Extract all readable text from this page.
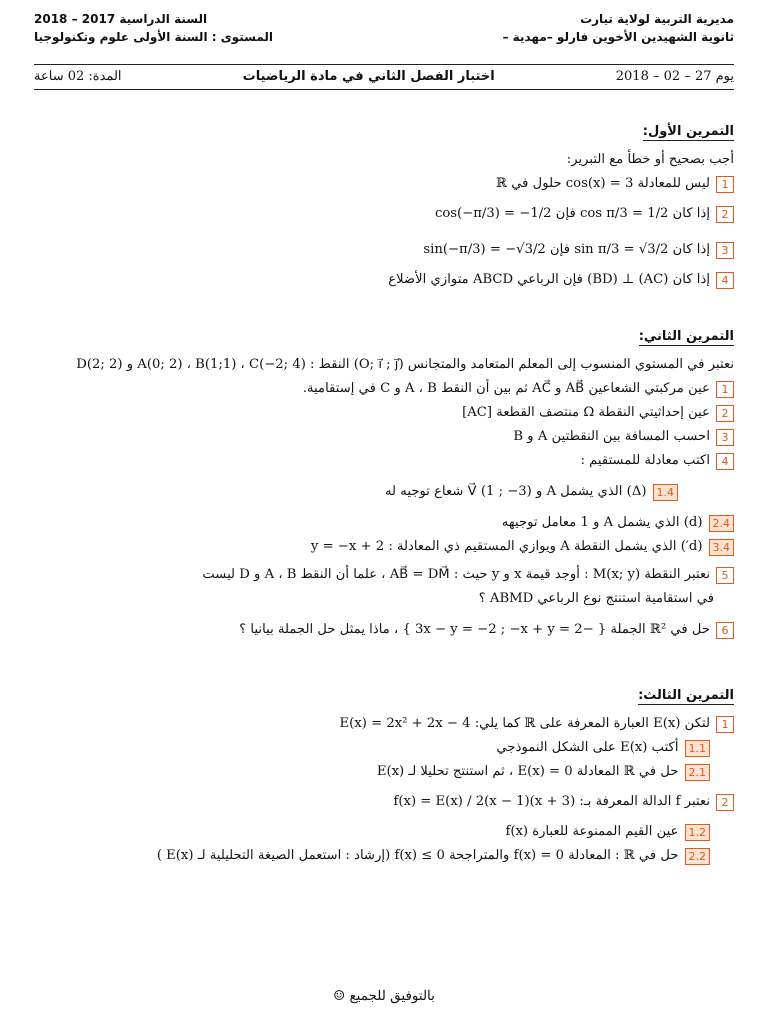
مديرية التربية لولاية تيارت
السنة الدراسية 2017 – 2018
ثانوية الشهيدين الأخوين فارلو –مهدية –
المستوى : السنة الأولى علوم وتكنولوجيا
يوم 27 – 02 – 2018
اختبار الفصل الثاني في مادة الرياضيات
المدة: 02 ساعة
التمرين الأول:
أجب بصحيح أو خطأ مع التبرير:
1
ليس للمعادلة cos(x) = 3 حلول في ℝ
2
إذا كان cos π/3 = 1/2 فإن cos(−π/3) = −1/2
3
إذا كان sin π/3 = √3/2 فإن sin(−π/3) = −√3/2
4
إذا كان (AC) ⊥ (BD) فإن الرباعي ABCD متوازي الأضلاع
التمرين الثاني:
نعتبر في المستوي المنسوب إلى المعلم المتعامد والمتجانس (O; i⃗ ; j⃗) النقط : A(0; 2) ، B(1;1) ، C(−2; 4) و D(2; 2)
1
عين مركبتي الشعاعين AB⃗ و AC⃗ ثم بين أن النقط A ، B و C في إستقامية.
2
عين إحداثيتي النقطة Ω منتصف القطعة [AC]
3
احسب المسافة بين النقطتين A و B
4
اكتب معادلة للمستقيم :
1.4
(Δ) الذي يشمل A و V⃗ (1 ; −3) شعاع توجيه له
2.4
(d) الذي يشمل A و 1 معامل توجيهه
3.4
(d′) الذي يشمل النقطة A ويوازي المستقيم ذي المعادلة : y = −x + 2
5
نعتبر النقطة M(x; y) : أوجد قيمة x و y حيث : AB⃗ = DM⃗ ، علما أن النقط A ، B و D ليست
في استقامية استنتج نوع الرباعي ABMD ؟
6
حل في ℝ² الجملة { −3x − y = −2 ; −x + y = 2 } ، ماذا يمثل حل الجملة بيانيا ؟
التمرين الثالث:
1
لتكن E(x) العبارة المعرفة على ℝ كما يلي: E(x) = 2x² + 2x − 4
1.1
أكتب E(x) على الشكل النموذجي
2.1
حل في ℝ المعادلة E(x) = 0 ، ثم استنتج تحليلا لـ E(x)
2
نعتبر f الدالة المعرفة بـ: f(x) = E(x) / 2(x − 1)(x + 3)
1.2
عين القيم الممنوعة للعبارة f(x)
2.2
حل في ℝ : المعادلة f(x) = 0 والمتراجحة f(x) ≤ 0 (إرشاد : استعمل الصيغة التحليلية لـ E(x) )
بالتوفيق للجميع ☺
